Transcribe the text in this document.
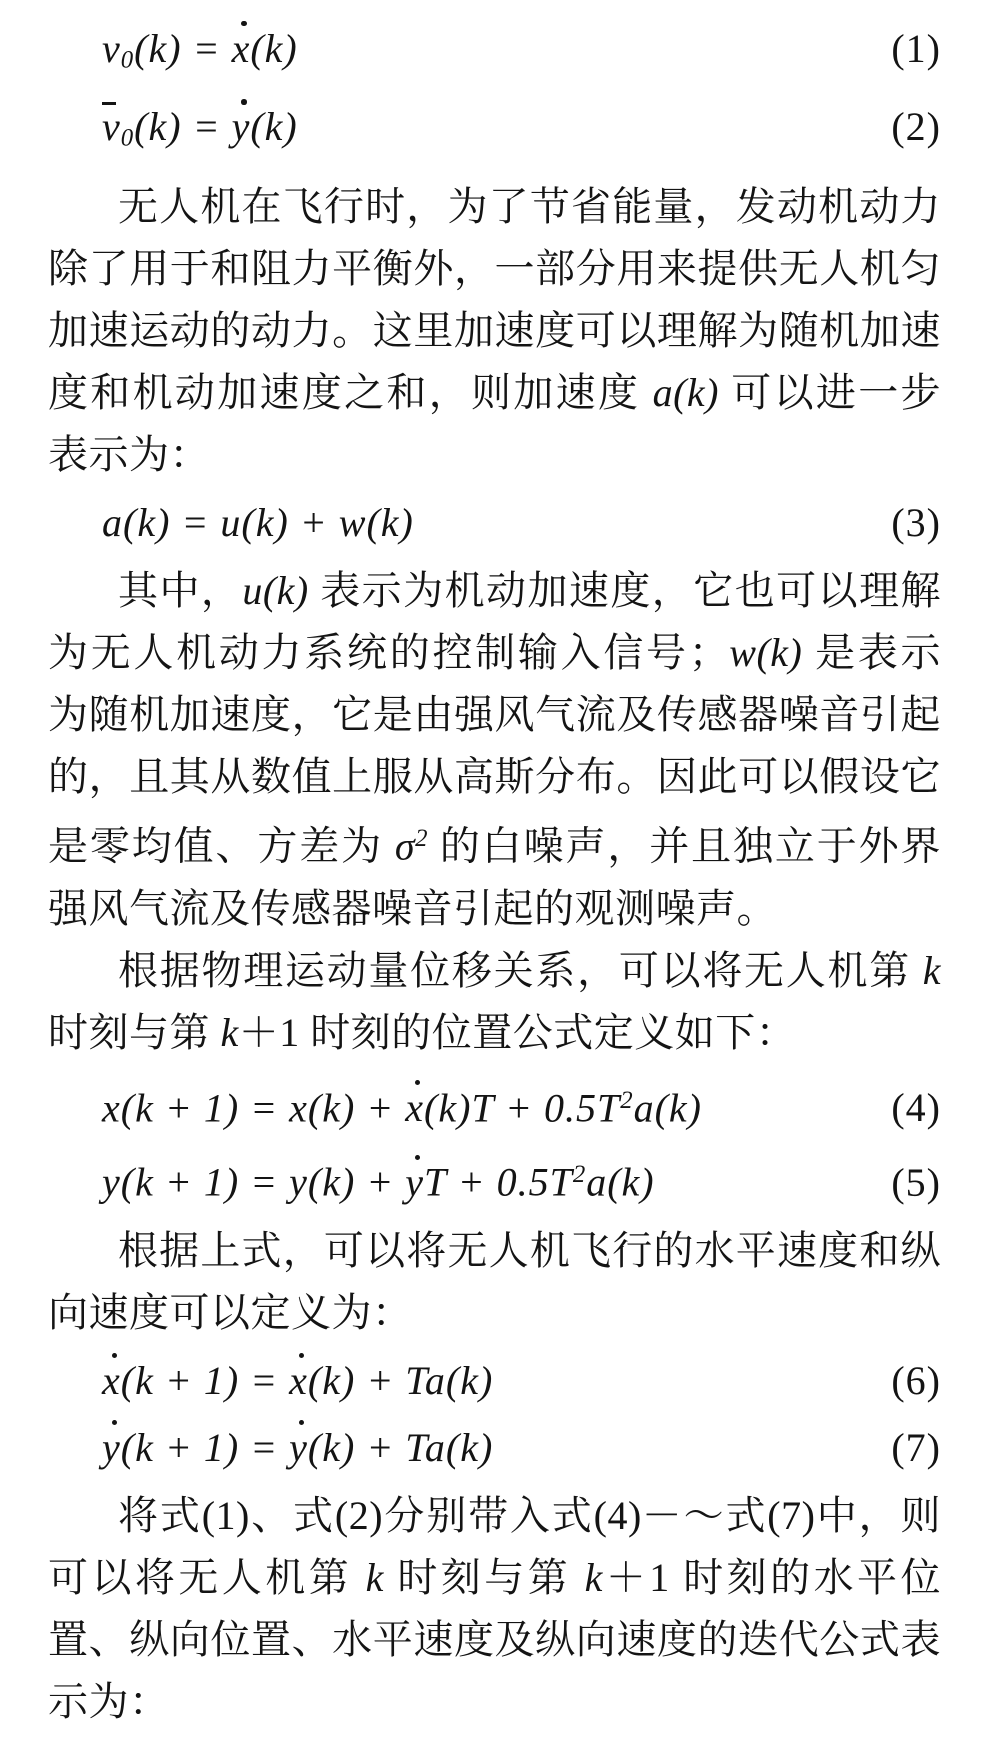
v0(k) = x(k)	(1)
v0(k) = y(k)	(2)

无人机在飞行时，为了节省能量，发动机动力除了用于和阻力平衡外，一部分用来提供无人机匀加速运动的动力。这里加速度可以理解为随机加速度和机动加速度之和，则加速度 a(k) 可以进一步表示为：

a(k) = u(k) + w(k)	(3)

其中，u(k) 表示为机动加速度，它也可以理解为无人机动力系统的控制输入信号；w(k) 是表示为随机加速度，它是由强风气流及传感器噪音引起的，且其从数值上服从高斯分布。因此可以假设它是零均值、方差为 $\sigma^2$ 的白噪声，并且独立于外界强风气流及传感器噪音引起的观测噪声。

根据物理运动量位移关系，可以将无人机第 k 时刻与第 k＋1 时刻的位置公式定义如下：

$x(k + 1) = x(k) + x(k)T + 0.5T^2a(k)$	(4)
y(k + 1) = y(k) + yT + $0.5T^2a(k)$	(5)

根据上式，可以将无人机飞行的水平速度和纵向速度可以定义为：

x(k + 1) = x(k) + Ta(k)	(6)
y(k + 1) = y(k) + Ta(k)	(7)

将式(1)、式(2)分别带入式(4)－～式(7)中，则可以将无人机第 k 时刻与第 k＋1 时刻的水平位置、纵向位置、水平速度及纵向速度的迭代公式表示为：
